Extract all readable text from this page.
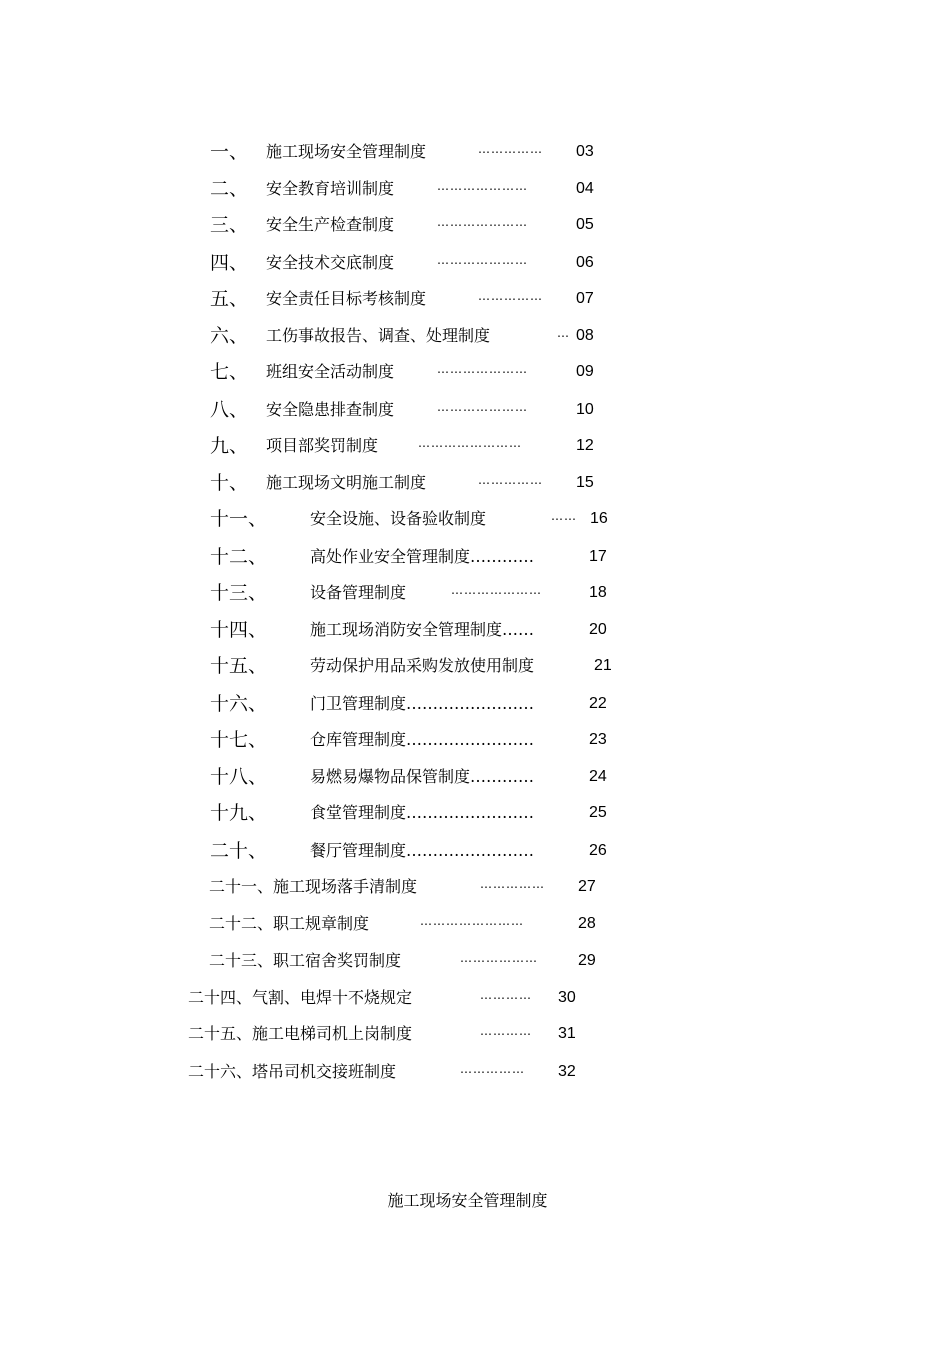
一、 施工现场安全管理制度	…………… 03
二、 安全教育培训制度	…………………	04
三、 安全生产检查制度	…………………	05
四、 安全技术交底制度	…………………	06
五、 安全责任目标考核制度	…………… 07
六、 工伤事故报告、调查、处理制度	… 08
七、 班组安全活动制度	…………………	09
八、 安全隐患排查制度	…………………	10
九、 项目部奖罚制度	……………………	12
十、 施工现场文明施工制度	…………… 15
十一、	安全设施、设备验收制度	…… 16
十二、	高处作业安全管理制度…………	17
十三、	设备管理制度	…………………	18
十四、	施工现场消防安全管理制度……	20
十五、	劳动保护用品采购发放使用制度	21
十六、	门卫管理制度……………………	22
十七、	仓库管理制度……………………	23
十八、	易燃易爆物品保管制度…………	24
十九、	食堂管理制度……………………	25
二十、	餐厅管理制度……………………	26
二十一、施工现场落手清制度	…………… 27
二十二、职工规章制度	……………………	28
二十三、职工宿舍奖罚制度	………………	29
二十四、气割、电焊十不烧规定	………… 30
二十五、施工电梯司机上岗制度	………… 31
二十六、塔吊司机交接班制度	…………… 32
施工现场安全管理制度
